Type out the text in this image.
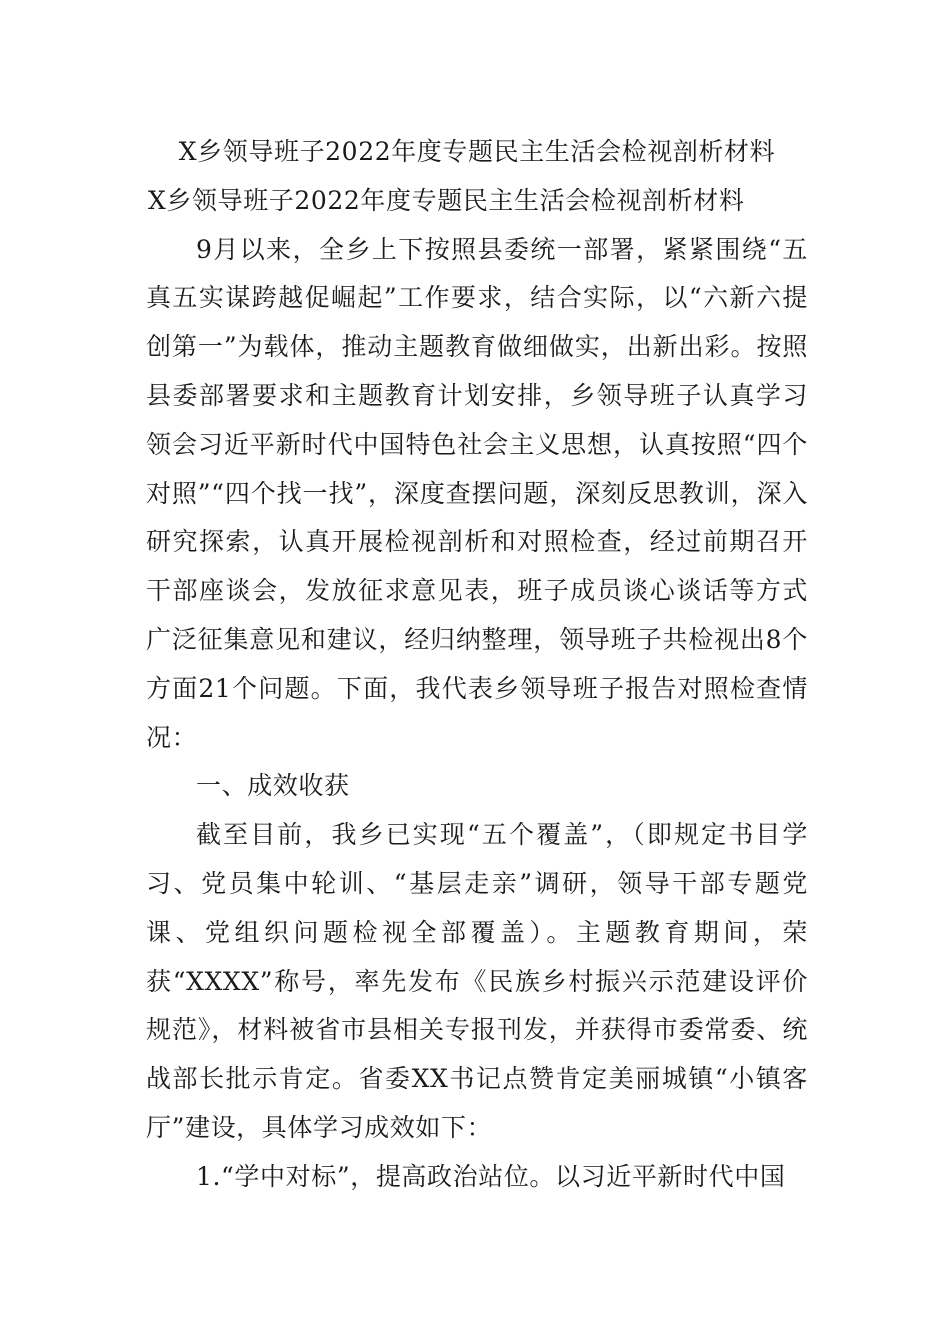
X乡领导班子2022年度专题民主生活会检视剖析材料
X乡领导班子2022年度专题民主生活会检视剖析材料

9月以来，全乡上下按照县委统一部署，紧紧围绕“五真五实谋跨越促崛起”工作要求，结合实际，以“六新六提创第一”为载体，推动主题教育做细做实，出新出彩。按照县委部署要求和主题教育计划安排，乡领导班子认真学习领会习近平新时代中国特色社会主义思想，认真按照“四个对照”“四个找一找”，深度查摆问题，深刻反思教训，深入研究探索，认真开展检视剖析和对照检查，经过前期召开干部座谈会，发放征求意见表，班子成员谈心谈话等方式广泛征集意见和建议，经归纳整理，领导班子共检视出8个方面21个问题。下面，我代表乡领导班子报告对照检查情况：

一、成效收获

截至目前，我乡已实现“五个覆盖”，（即规定书目学习、党员集中轮训、“基层走亲”调研，领导干部专题党课、党组织问题检视全部覆盖）。主题教育期间，荣获“XXXX”称号，率先发布《民族乡村振兴示范建设评价规范》，材料被省市县相关专报刊发，并获得市委常委、统战部长批示肯定。省委XX书记点赞肯定美丽城镇“小镇客厅”建设，具体学习成效如下：

1.“学中对标”，提高政治站位。以习近平新时代中国
